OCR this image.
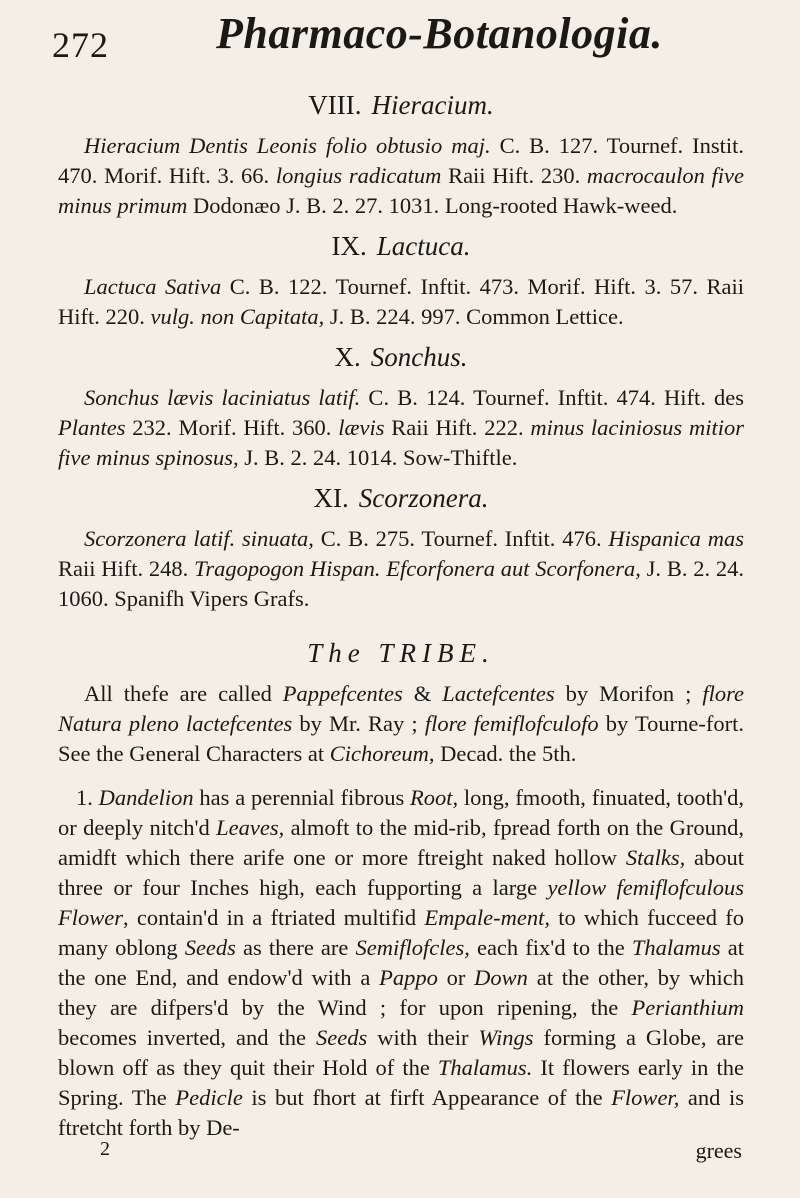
272 Pharmaco-Botanologia.
VIII. Hieracium.

Hieracium Dentis Leonis folio obtusio maj. C. B. 127. Tournef. Instit. 470. Morif. Hift. 3. 66. longius radicatum Raii Hift. 230. macrocaulon five minus primum Dodonæo J. B. 2. 27. 1031. Long-rooted Hawk-weed.

IX. Lactuca.

Lactuca Sativa C. B. 122. Tournef. Inftit. 473. Morif. Hift. 3. 57. Raii Hift. 220. vulg. non Capitata, J. B. 224. 997. Common Lettice.

X. Sonchus.

Sonchus lævis laciniatus latif. C. B. 124. Tournef. Inftit. 474. Hift. des Plantes 232. Morif. Hift. 360. lævis Raii Hift. 222. minus laciniosus mitior five minus spinosus, J. B. 2. 24. 1014. Sow-Thiftle.

XI. Scorzonera.

Scorzonera latif. sinuata, C. B. 275. Tournef. Inftit. 476. Hispanica mas Raii Hift. 248. Tragopogon Hispan. Efcorfonera aut Scorfonera, J. B. 2. 24. 1060. Spanifh Vipers Grafs.

The TRIBE.

All thefe are called Pappefcentes & Lactefcentes by Morifon ; flore Natura pleno lactefcentes by Mr. Ray ; flore femiflofculofo by Tourne-fort. See the General Characters at Cichoreum, Decad. the 5th.

1. Dandelion has a perennial fibrous Root, long, fmooth, finuated, tooth'd, or deeply nitch'd Leaves, almoft to the mid-rib, fpread forth on the Ground, amidft which there arife one or more ftreight naked hollow Stalks, about three or four Inches high, each fupporting a large yellow femiflofculous Flower, contain'd in a ftriated multifid Empale-ment, to which fucceed fo many oblong Seeds as there are Semiflofcles, each fix'd to the Thalamus at the one End, and endow'd with a Pappo or Down at the other, by which they are difpers'd by the Wind ; for upon ripening, the Perianthium becomes inverted, and the Seeds with their Wings forming a Globe, are blown off as they quit their Hold of the Thalamus. It flowers early in the Spring. The Pedicle is but fhort at firft Appearance of the Flower, and is ftretcht forth by De-

2	grees
